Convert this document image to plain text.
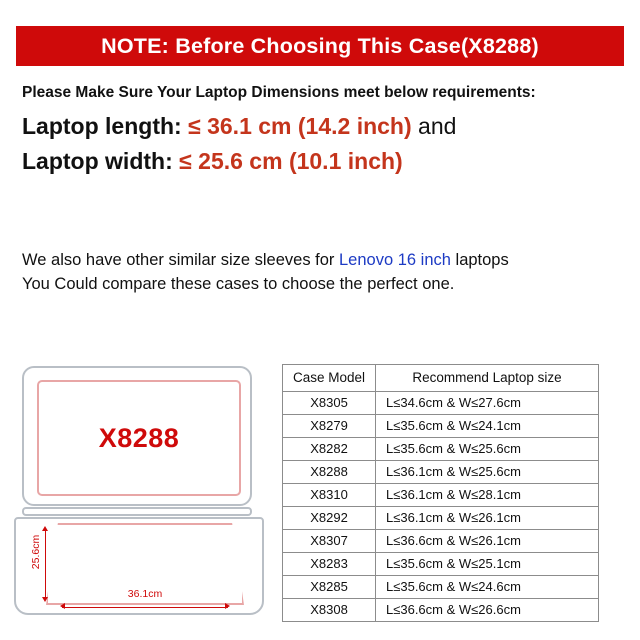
NOTE: Before Choosing This Case(X8288)
Please Make Sure Your Laptop Dimensions meet below requirements:
Laptop length: ≤ 36.1 cm (14.2 inch) and
Laptop width: ≤ 25.6 cm (10.1 inch)
We also have other similar size sleeves for Lenovo 16 inch laptops
You Could compare these cases to choose the perfect one.
X8288
25.6cm
36.1cm
Case Model	Recommend Laptop size
X8305	L≤34.6cm & W≤27.6cm
X8279	L≤35.6cm & W≤24.1cm
X8282	L≤35.6cm & W≤25.6cm
X8288	L≤36.1cm & W≤25.6cm
X8310	L≤36.1cm & W≤28.1cm
X8292	L≤36.1cm & W≤26.1cm
X8307	L≤36.6cm & W≤26.1cm
X8283	L≤35.6cm & W≤25.1cm
X8285	L≤35.6cm & W≤24.6cm
X8308	L≤36.6cm & W≤26.6cm
